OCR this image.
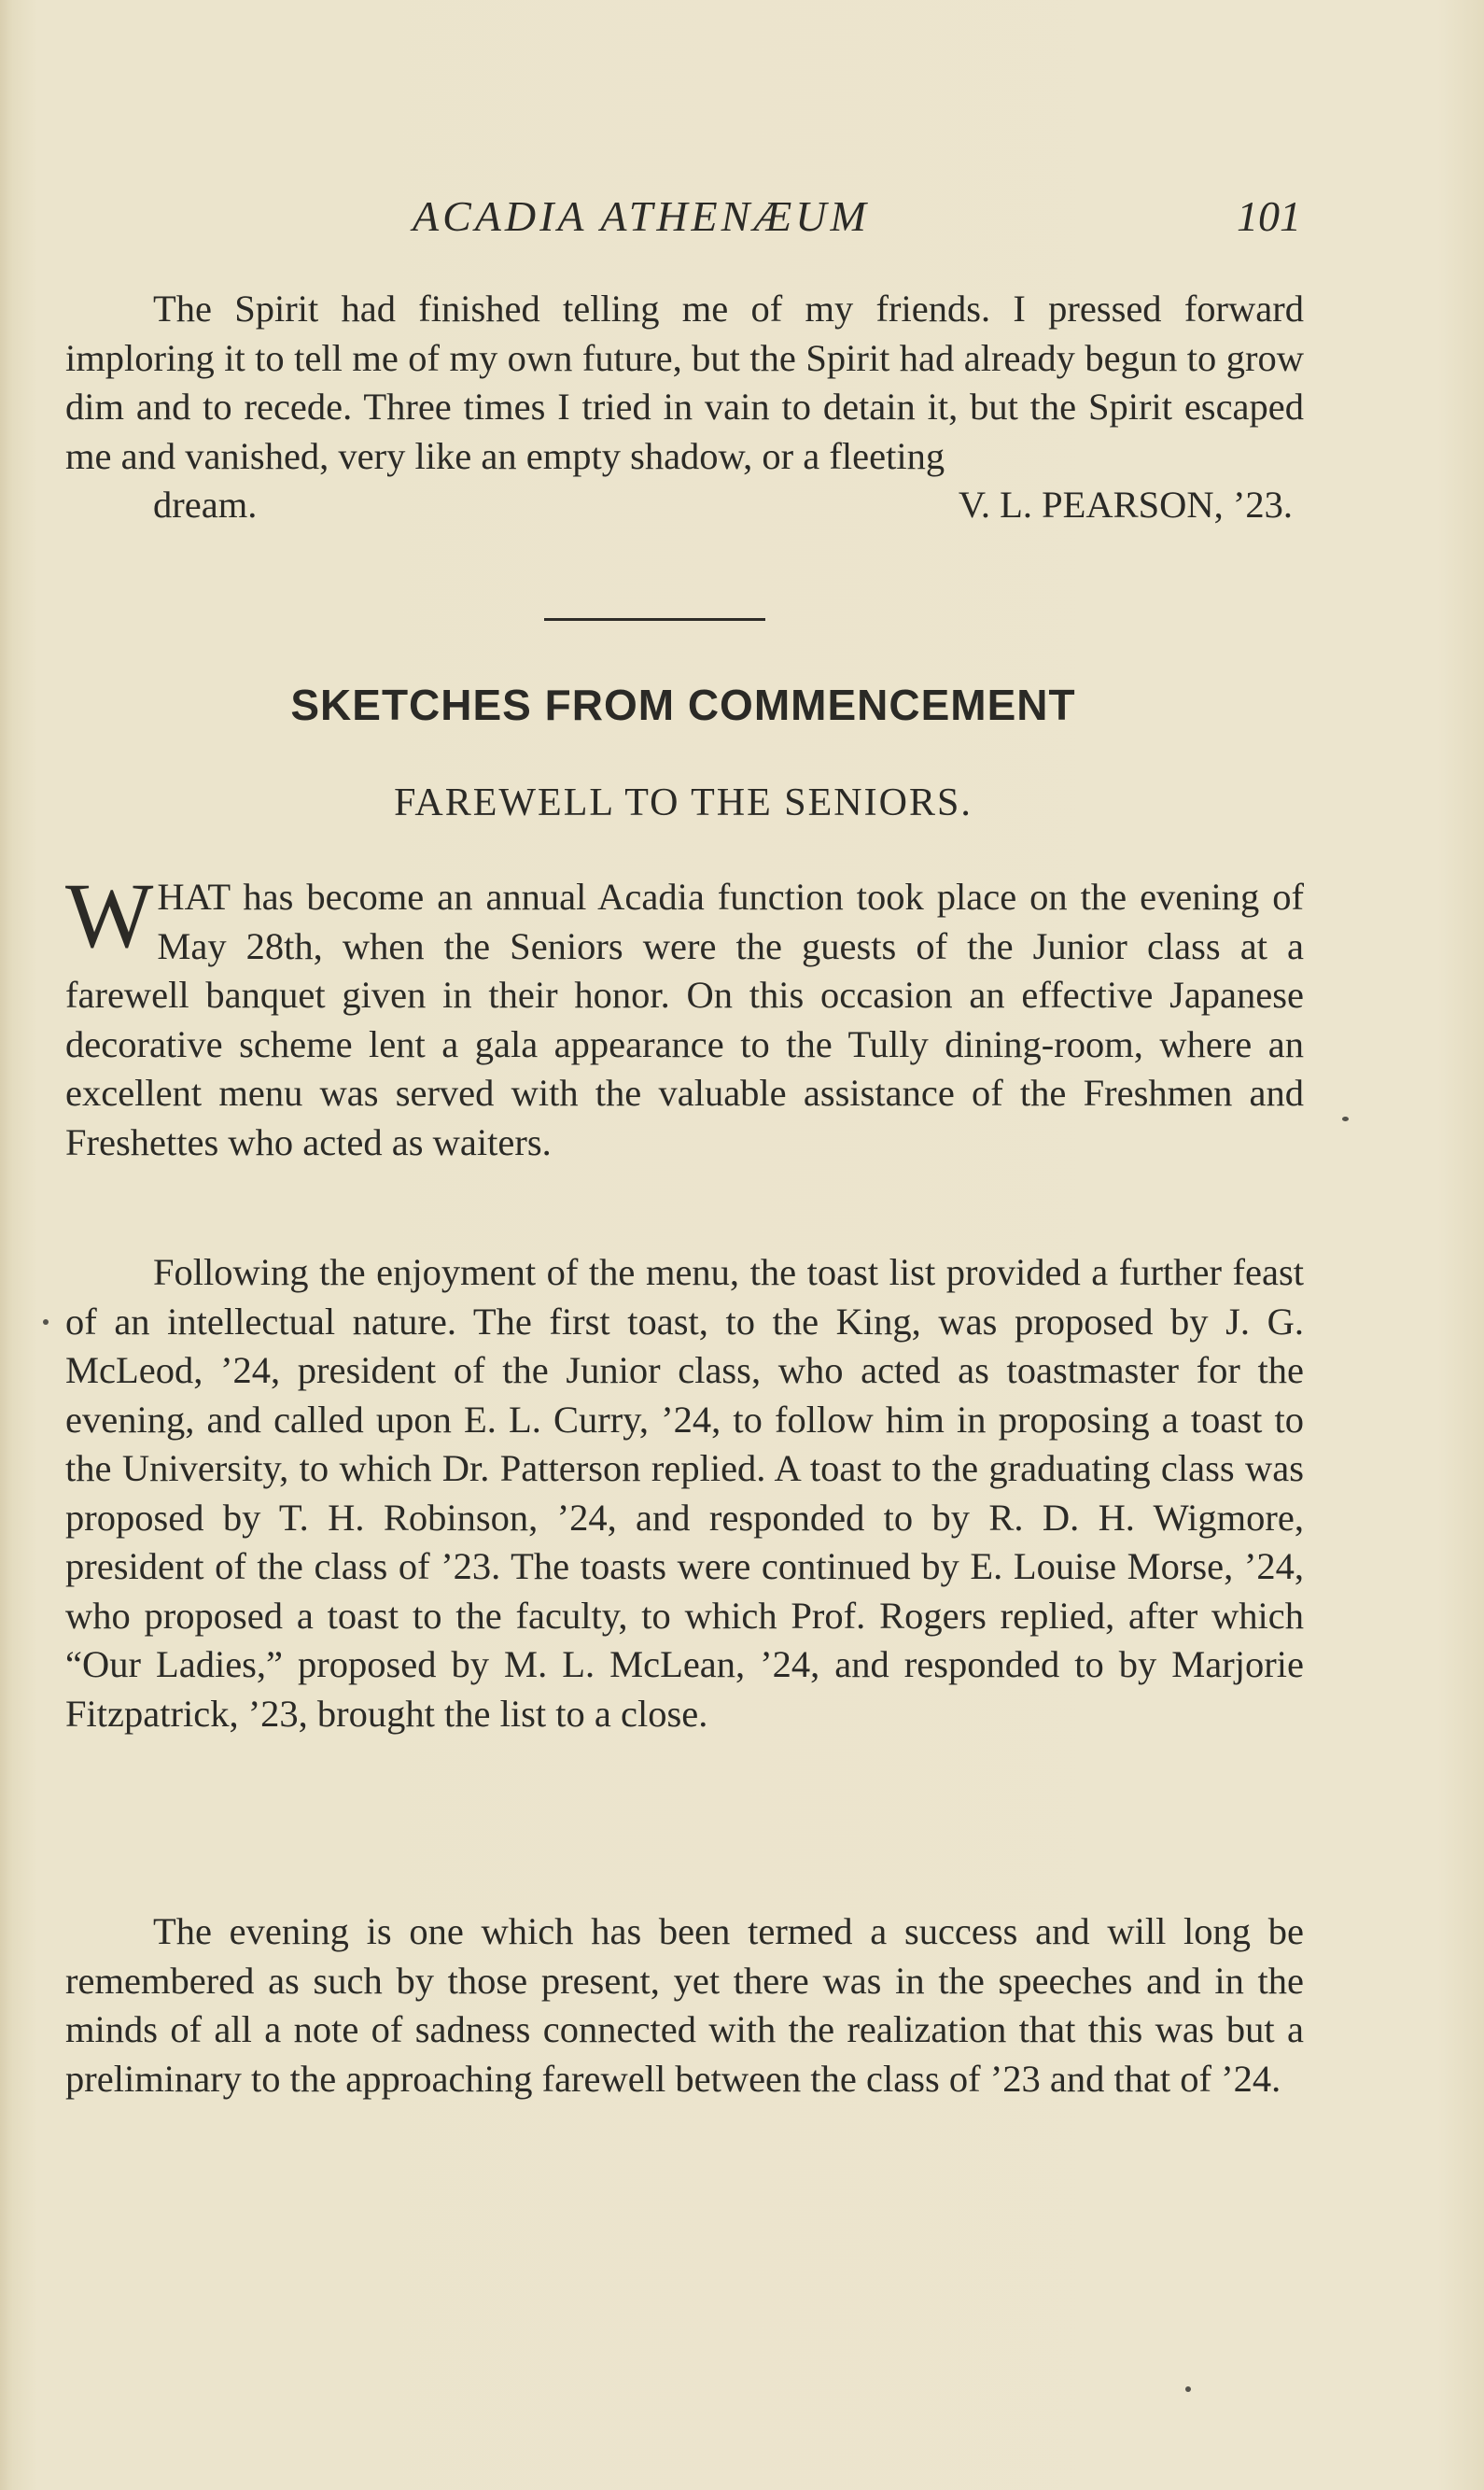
ACADIA ATHENÆUM	101
The Spirit had finished telling me of my friends. I pressed forward imploring it to tell me of my own future, but the Spirit had already begun to grow dim and to recede. Three times I tried in vain to detain it, but the Spirit escaped me and vanished, very like an empty shadow, or a fleeting
dream.	V. L. PEARSON, ’23.
SKETCHES FROM COMMENCEMENT
FAREWELL TO THE SENIORS.

WHAT has become an annual Acadia function took place on the evening of May 28th, when the Seniors were the guests of the Junior class at a farewell banquet given in their honor. On this occasion an effective Japanese decorative scheme lent a gala appearance to the Tully dining-room, where an excellent menu was served with the valuable assistance of the Freshmen and Freshettes who acted as waiters.

Following the enjoyment of the menu, the toast list provided a further feast of an intellectual nature. The first toast, to the King, was proposed by J. G. McLeod, ’24, president of the Junior class, who acted as toastmaster for the evening, and called upon E. L. Curry, ’24, to follow him in proposing a toast to the University, to which Dr. Patterson replied. A toast to the graduating class was proposed by T. H. Robinson, ’24, and responded to by R. D. H. Wigmore, president of the class of ’23. The toasts were continued by E. Louise Morse, ’24, who proposed a toast to the faculty, to which Prof. Rogers replied, after which “Our Ladies,” proposed by M. L. McLean, ’24, and responded to by Marjorie Fitzpatrick, ’23, brought the list to a close.

The evening is one which has been termed a success and will long be remembered as such by those present, yet there was in the speeches and in the minds of all a note of sadness connected with the realization that this was but a preliminary to the approaching farewell between the class of ’23 and that of ’24.
